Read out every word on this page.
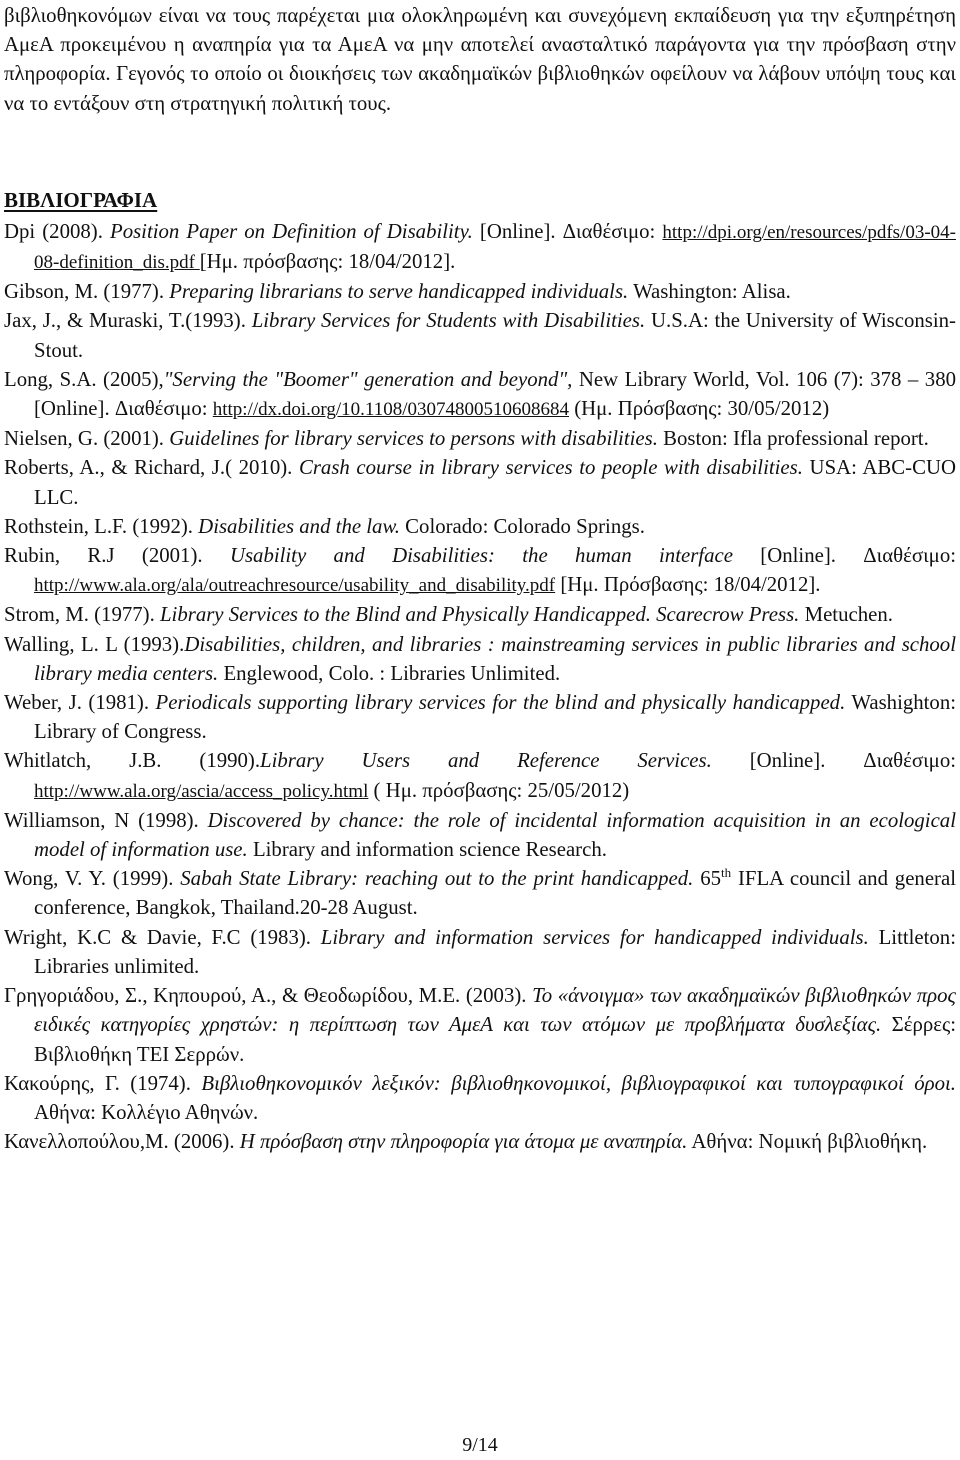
βιβλιοθηκονόμων είναι να τους παρέχεται μια ολοκληρωμένη και συνεχόμενη εκπαίδευση για την εξυπηρέτηση ΑμεΑ προκειμένου η αναπηρία για τα ΑμεΑ να μην αποτελεί ανασταλτικό παράγοντα για την πρόσβαση στην πληροφορία. Γεγονός το οποίο οι διοικήσεις των ακαδημαϊκών βιβλιοθηκών οφείλουν να λάβουν υπόψη τους και να το εντάξουν στη στρατηγική πολιτική τους.

ΒΙΒΛΙΟΓΡΑΦΙΑ

Dpi (2008). Position Paper on Definition of Disability. [Online]. Διαθέσιμο: http://dpi.org/en/resources/pdfs/03-04-08-definition_dis.pdf [Ημ. πρόσβασης: 18/04/2012].

Gibson, M. (1977). Preparing librarians to serve handicapped individuals. Washington: Alisa.

Jax, J., & Muraski, T.(1993). Library Services for Students with Disabilities. U.S.A: the University of Wisconsin-Stout.

Long, S.A. (2005),"Serving the "Boomer" generation and beyond", New Library World, Vol. 106 (7): 378 – 380 [Online]. Διαθέσιμο: http://dx.doi.org/10.1108/03074800510608684 (Ημ. Πρόσβασης: 30/05/2012)

Nielsen, G. (2001). Guidelines for library services to persons with disabilities. Boston: Ifla professional report.

Roberts, A., & Richard, J.( 2010). Crash course in library services to people with disabilities. USA: ABC-CUO LLC.

Rothstein, L.F. (1992). Disabilities and the law. Colorado: Colorado Springs.

Rubin, R.J (2001). Usability and Disabilities: the human interface [Online]. Διαθέσιμο: http://www.ala.org/ala/outreachresource/usability_and_disability.pdf [Ημ. Πρόσβασης: 18/04/2012].

Strom, M. (1977). Library Services to the Blind and Physically Handicapped. Scarecrow Press. Metuchen.

Walling, L. L (1993).Disabilities, children, and libraries : mainstreaming services in public libraries and school library media centers. Englewood, Colo. : Libraries Unlimited.

Weber, J. (1981). Periodicals supporting library services for the blind and physically handicapped. Washighton: Library of Congress.

Whitlatch, J.B. (1990).Library Users and Reference Services. [Online]. Διαθέσιμο: http://www.ala.org/ascia/access_policy.html ( Ημ. πρόσβασης: 25/05/2012)

Williamson, N (1998). Discovered by chance: the role of incidental information acquisition in an ecological model of information use. Library and information science Research.

Wong, V. Y. (1999). Sabah State Library: reaching out to the print handicapped. 65th IFLA council and general conference, Bangkok, Thailand.20-28 August.

Wright, K.C & Davie, F.C (1983). Library and information services for handicapped individuals. Littleton: Libraries unlimited.

Γρηγοριάδου, Σ., Κηπουρού, Α., & Θεοδωρίδου, Μ.Ε. (2003). Το «άνοιγμα» των ακαδημαϊκών βιβλιοθηκών προς ειδικές κατηγορίες χρηστών: η περίπτωση των ΑμεΑ και των ατόμων με προβλήματα δυσλεξίας. Σέρρες: Βιβλιοθήκη ΤΕΙ Σερρών.

Κακούρης, Γ. (1974). Βιβλιοθηκονομικόν λεξικόν: βιβλιοθηκονομικοί, βιβλιογραφικοί και τυπογραφικοί όροι. Αθήνα: Κολλέγιο Αθηνών.

Κανελλοπούλου,Μ. (2006). Η πρόσβαση στην πληροφορία για άτομα με αναπηρία. Αθήνα: Νομική βιβλιοθήκη.

9/14
